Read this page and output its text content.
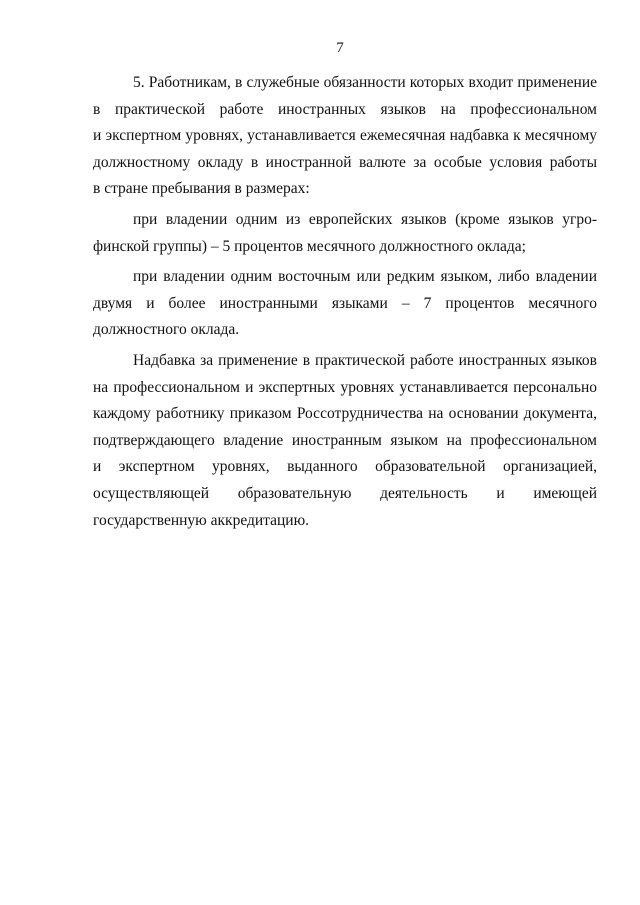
7
5. Работникам, в служебные обязанности которых входит применение
в практической работе иностранных языков на профессиональном
и экспертном уровнях, устанавливается ежемесячная надбавка к месячному
должностному окладу в иностранной валюте за особые условия работы
в стране пребывания в размерах:
при владении одним из европейских языков (кроме языков угро-
финской группы) – 5 процентов месячного должностного оклада;
при владении одним восточным или редким языком, либо владении
двумя и более иностранными языками – 7 процентов месячного
должностного оклада.
Надбавка за применение в практической работе иностранных языков
на профессиональном и экспертных уровнях устанавливается персонально
каждому работнику приказом Россотрудничества на основании документа,
подтверждающего владение иностранным языком на профессиональном
и экспертном уровнях, выданного образовательной организацией,
осуществляющей образовательную деятельность и имеющей
государственную аккредитацию.
